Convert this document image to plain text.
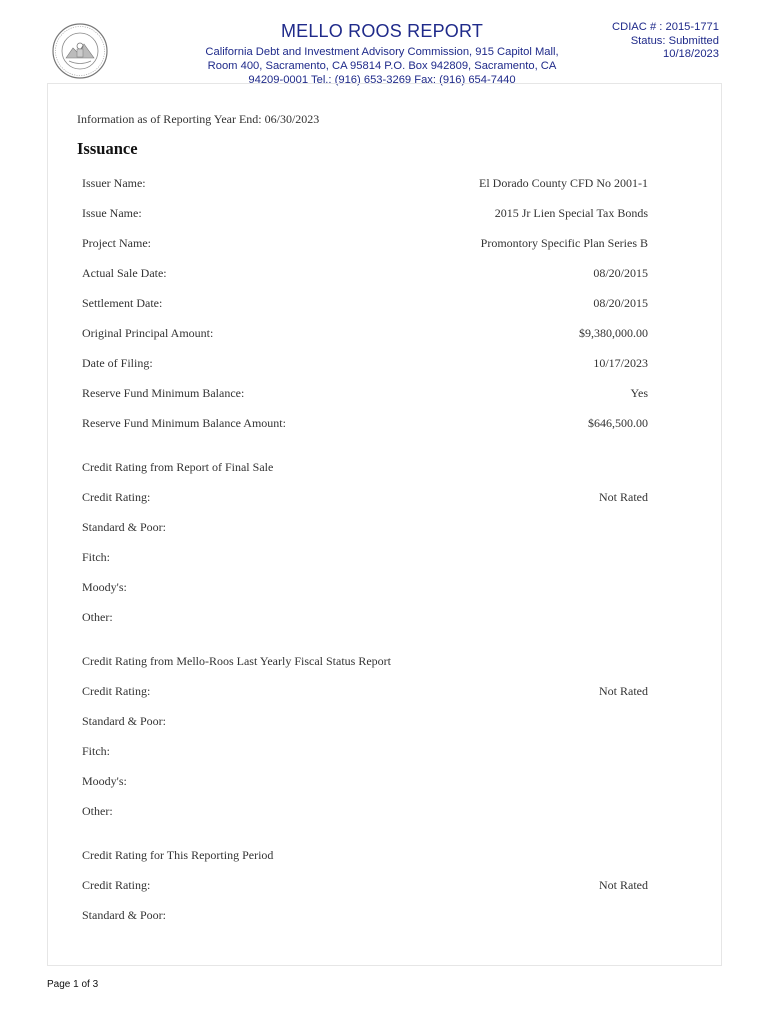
MELLO ROOS REPORT
California Debt and Investment Advisory Commission, 915 Capitol Mall, Room 400, Sacramento, CA 95814 P.O. Box 942809, Sacramento, CA 94209-0001 Tel.: (916) 653-3269 Fax: (916) 654-7440
CDIAC # : 2015-1771
Status: Submitted
10/18/2023
Information as of Reporting Year End: 06/30/2023
Issuance
Issuer Name:	El Dorado County CFD No 2001-1
Issue Name:	2015 Jr Lien Special Tax Bonds
Project Name:	Promontory Specific Plan Series B
Actual Sale Date:	08/20/2015
Settlement Date:	08/20/2015
Original Principal Amount:	$9,380,000.00
Date of Filing:	10/17/2023
Reserve Fund Minimum Balance:	Yes
Reserve Fund Minimum Balance Amount:	$646,500.00
Credit Rating from Report of Final Sale
Credit Rating:	Not Rated
Standard & Poor:
Fitch:
Moody's:
Other:
Credit Rating from Mello-Roos Last Yearly Fiscal Status Report
Credit Rating:	Not Rated
Standard & Poor:
Fitch:
Moody's:
Other:
Credit Rating for This Reporting Period
Credit Rating:	Not Rated
Standard & Poor:
Page 1 of 3
